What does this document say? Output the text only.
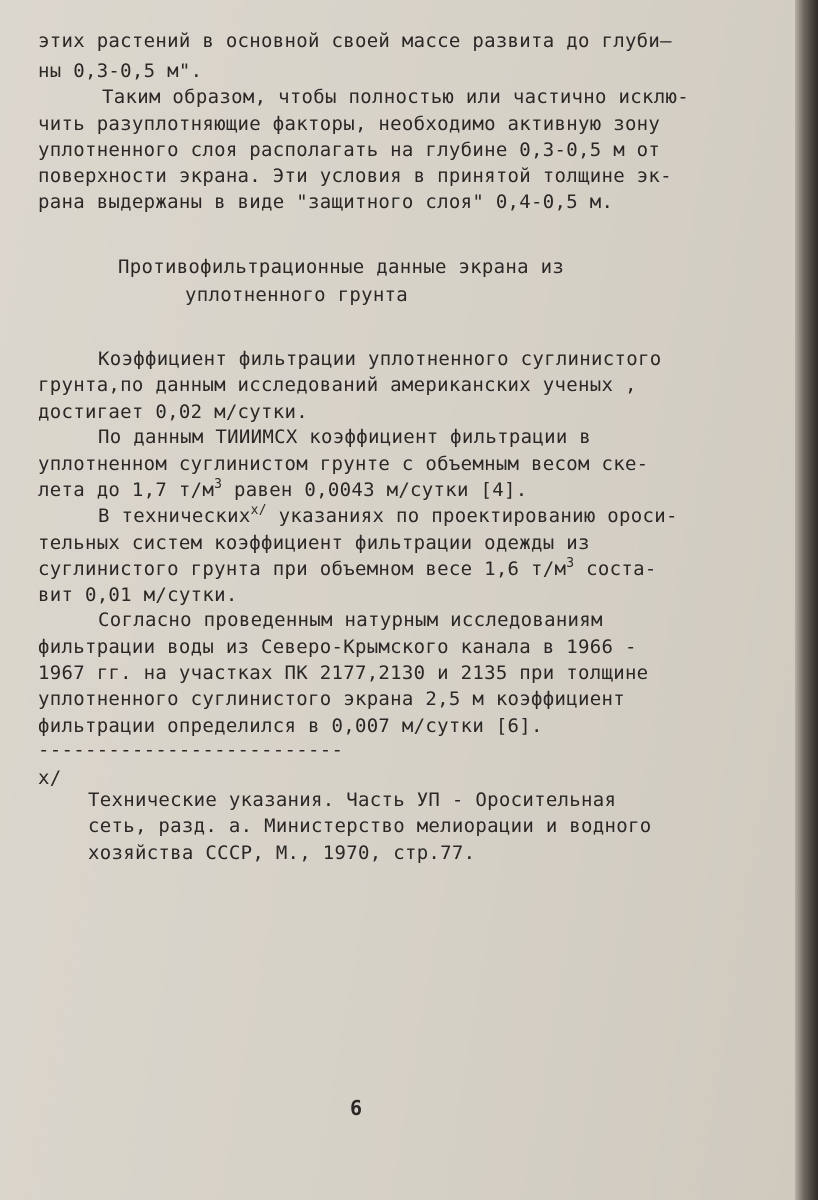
этих растений в основной своей массе развита до глуби–

ны 0,3-0,5 м".

Таким образом, чтобы полностью или частично исклю-

чить разуплотняющие факторы, необходимо активную зону

уплотненного слоя располагать на глубине 0,3-0,5 м от

поверхности экрана. Эти условия в принятой толщине эк-

рана выдержаны в виде "защитного слоя" 0,4-0,5 м.

Противофильтрационные данные экрана из

уплотненного грунта

Коэффициент фильтрации уплотненного суглинистого

грунта,по данным исследований американских ученых ,

достигает 0,02 м/сутки.

По данным ТИИИМСХ коэффициент фильтрации в

уплотненном суглинистом грунте с объемным весом ске-

лета до 1,7 $т/м^3$ равен 0,0043 м/сутки [4].

В технических$^{x/}$ указаниях по проектированию ороси-

тельных систем коэффициент фильтрации одежды из

суглинистого грунта при объемном весе 1,6 $т/м^3$ соста-

вит 0,01 м/сутки.

Согласно проведенным натурным исследованиям

фильтрации воды из Северо-Крымского канала в 1966 -

1967 гг. на участках ПК 2177,2130 и 2135 при толщине

уплотненного суглинистого экрана 2,5 м коэффициент

фильтрации определился в 0,007 м/сутки [6].

--------------------------

x/

Технические указания. Часть УП - Оросительная

сеть, разд. а. Министерство мелиорации и водного

хозяйства СССР, М., 1970, стр.77.

6
